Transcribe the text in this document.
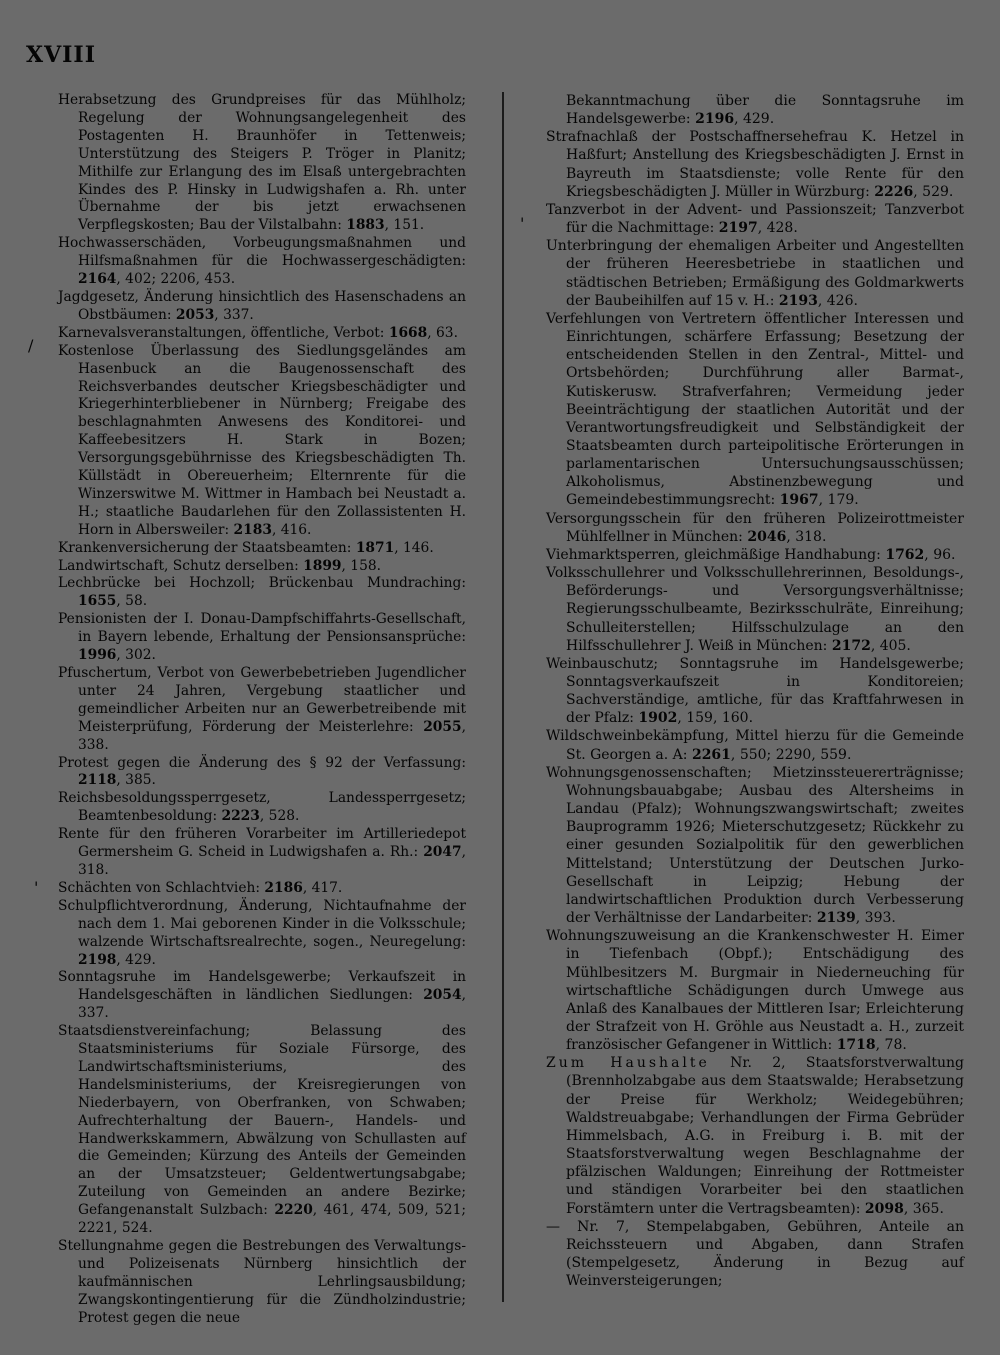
XVIII
/
'
'

Herabsetzung des Grundpreises für das Mühlholz; Regelung der Wohnungsangelegenheit des Postagenten H. Braunhöfer in Tettenweis; Unterstützung des Steigers P. Tröger in Planitz; Mithilfe zur Erlangung des im Elsaß untergebrachten Kindes des P. Hinsky in Ludwigshafen a. Rh. unter Übernahme der bis jetzt erwachsenen Verpflegskosten; Bau der Vilstalbahn: 1883, 151.

Hochwasserschäden, Vorbeugungsmaßnahmen und Hilfsmaßnahmen für die Hochwassergeschädigten: 2164, 402; 2206, 453.

Jagdgesetz, Änderung hinsichtlich des Hasenschadens an Obstbäumen: 2053, 337.

Karnevalsveranstaltungen, öffentliche, Verbot: 1668, 63.

Kostenlose Überlassung des Siedlungsgeländes am Hasenbuck an die Baugenossenschaft des Reichsverbandes deutscher Kriegsbeschädigter und Kriegerhinterbliebener in Nürnberg; Freigabe des beschlagnahmten Anwesens des Konditorei- und Kaffeebesitzers H. Stark in Bozen; Versorgungsgebührnisse des Kriegsbeschädigten Th. Küllstädt in Obereuerheim; Elternrente für die Winzerswitwe M. Wittmer in Hambach bei Neustadt a. H.; staatliche Baudarlehen für den Zollassistenten H. Horn in Albersweiler: 2183, 416.

Krankenversicherung der Staatsbeamten: 1871, 146.

Landwirtschaft, Schutz derselben: 1899, 158.

Lechbrücke bei Hochzoll; Brückenbau Mundraching: 1655, 58.

Pensionisten der I. Donau-Dampfschiffahrts-Gesellschaft, in Bayern lebende, Erhaltung der Pensionsansprüche: 1996, 302.

Pfuschertum, Verbot von Gewerbebetrieben Jugendlicher unter 24 Jahren, Vergebung staatlicher und gemeindlicher Arbeiten nur an Gewerbetreibende mit Meisterprüfung, Förderung der Meisterlehre: 2055, 338.

Protest gegen die Änderung des § 92 der Verfassung: 2118, 385.

Reichsbesoldungssperrgesetz, Landessperrgesetz; Beamtenbesoldung: 2223, 528.

Rente für den früheren Vorarbeiter im Artilleriedepot Germersheim G. Scheid in Ludwigshafen a. Rh.: 2047, 318.

Schächten von Schlachtvieh: 2186, 417.

Schulpflichtverordnung, Änderung, Nichtaufnahme der nach dem 1. Mai geborenen Kinder in die Volksschule; walzende Wirtschaftsrealrechte, sogen., Neuregelung: 2198, 429.

Sonntagsruhe im Handelsgewerbe; Verkaufszeit in Handelsgeschäften in ländlichen Siedlungen: 2054, 337.

Staatsdienstvereinfachung; Belassung des Staatsministeriums für Soziale Fürsorge, des Landwirtschaftsministeriums, des Handelsministeriums, der Kreisregierungen von Niederbayern, von Oberfranken, von Schwaben; Aufrechterhaltung der Bauern-, Handels- und Handwerkskammern, Abwälzung von Schullasten auf die Gemeinden; Kürzung des Anteils der Gemeinden an der Umsatzsteuer; Geldentwertungsabgabe; Zuteilung von Gemeinden an andere Bezirke; Gefangenanstalt Sulzbach: 2220, 461, 474, 509, 521; 2221, 524.

Stellungnahme gegen die Bestrebungen des Verwaltungs- und Polizeisenats Nürnberg hinsichtlich der kaufmännischen Lehrlingsausbildung; Zwangskontingentierung für die Zündholzindustrie; Protest gegen die neue

Bekanntmachung über die Sonntagsruhe im Handelsgewerbe: 2196, 429.

Strafnachlaß der Postschaffnersehefrau K. Hetzel in Haßfurt; Anstellung des Kriegsbeschädigten J. Ernst in Bayreuth im Staatsdienste; volle Rente für den Kriegsbeschädigten J. Müller in Würzburg: 2226, 529.

Tanzverbot in der Advent- und Passionszeit; Tanzverbot für die Nachmittage: 2197, 428.

Unterbringung der ehemaligen Arbeiter und Angestellten der früheren Heeresbetriebe in staatlichen und städtischen Betrieben; Ermäßigung des Goldmarkwerts der Baubeihilfen auf 15 v. H.: 2193, 426.

Verfehlungen von Vertretern öffentlicher Interessen und Einrichtungen, schärfere Erfassung; Besetzung der entscheidenden Stellen in den Zentral-, Mittel- und Ortsbehörden; Durchführung aller Barmat-, Kutiskerusw. Strafverfahren; Vermeidung jeder Beeinträchtigung der staatlichen Autorität und der Verantwortungsfreudigkeit und Selbständigkeit der Staatsbeamten durch parteipolitische Erörterungen in parlamentarischen Untersuchungsausschüssen; Alkoholismus, Abstinenzbewegung und Gemeindebestimmungsrecht: 1967, 179.

Versorgungsschein für den früheren Polizeirottmeister Mühlfellner in München: 2046, 318.

Viehmarktsperren, gleichmäßige Handhabung: 1762, 96.

Volksschullehrer und Volksschullehrerinnen, Besoldungs-, Beförderungs- und Versorgungsverhältnisse; Regierungsschulbeamte, Bezirksschulräte, Einreihung; Schulleiterstellen; Hilfsschulzulage an den Hilfsschullehrer J. Weiß in München: 2172, 405.

Weinbauschutz; Sonntagsruhe im Handelsgewerbe; Sonntagsverkaufszeit in Konditoreien; Sachverständige, amtliche, für das Kraftfahrwesen in der Pfalz: 1902, 159, 160.

Wildschweinbekämpfung, Mittel hierzu für die Gemeinde St. Georgen a. A: 2261, 550; 2290, 559.

Wohnungsgenossenschaften; Mietzinssteuererträgnisse; Wohnungsbauabgabe; Ausbau des Altersheims in Landau (Pfalz); Wohnungszwangswirtschaft; zweites Bauprogramm 1926; Mieterschutzgesetz; Rückkehr zu einer gesunden Sozialpolitik für den gewerblichen Mittelstand; Unterstützung der Deutschen Jurko-Gesellschaft in Leipzig; Hebung der landwirtschaftlichen Produktion durch Verbesserung der Verhältnisse der Landarbeiter: 2139, 393.

Wohnungszuweisung an die Krankenschwester H. Eimer in Tiefenbach (Obpf.); Entschädigung des Mühlbesitzers M. Burgmair in Niederneuching für wirtschaftliche Schädigungen durch Umwege aus Anlaß des Kanalbaues der Mittleren Isar; Erleichterung der Strafzeit von H. Gröhle aus Neustadt a. H., zurzeit französischer Gefangener in Wittlich: 1718, 78.

Zum Haushalte Nr. 2, Staatsforstverwaltung (Brennholzabgabe aus dem Staatswalde; Herabsetzung der Preise für Werkholz; Weidegebühren; Waldstreuabgabe; Verhandlungen der Firma Gebrüder Himmelsbach, A.G. in Freiburg i. B. mit der Staatsforstverwaltung wegen Beschlagnahme der pfälzischen Waldungen; Einreihung der Rottmeister und ständigen Vorarbeiter bei den staatlichen Forstämtern unter die Vertragsbeamten): 2098, 365.

— Nr. 7, Stempelabgaben, Gebühren, Anteile an Reichssteuern und Abgaben, dann Strafen (Stempelgesetz, Änderung in Bezug auf Weinversteigerungen;
